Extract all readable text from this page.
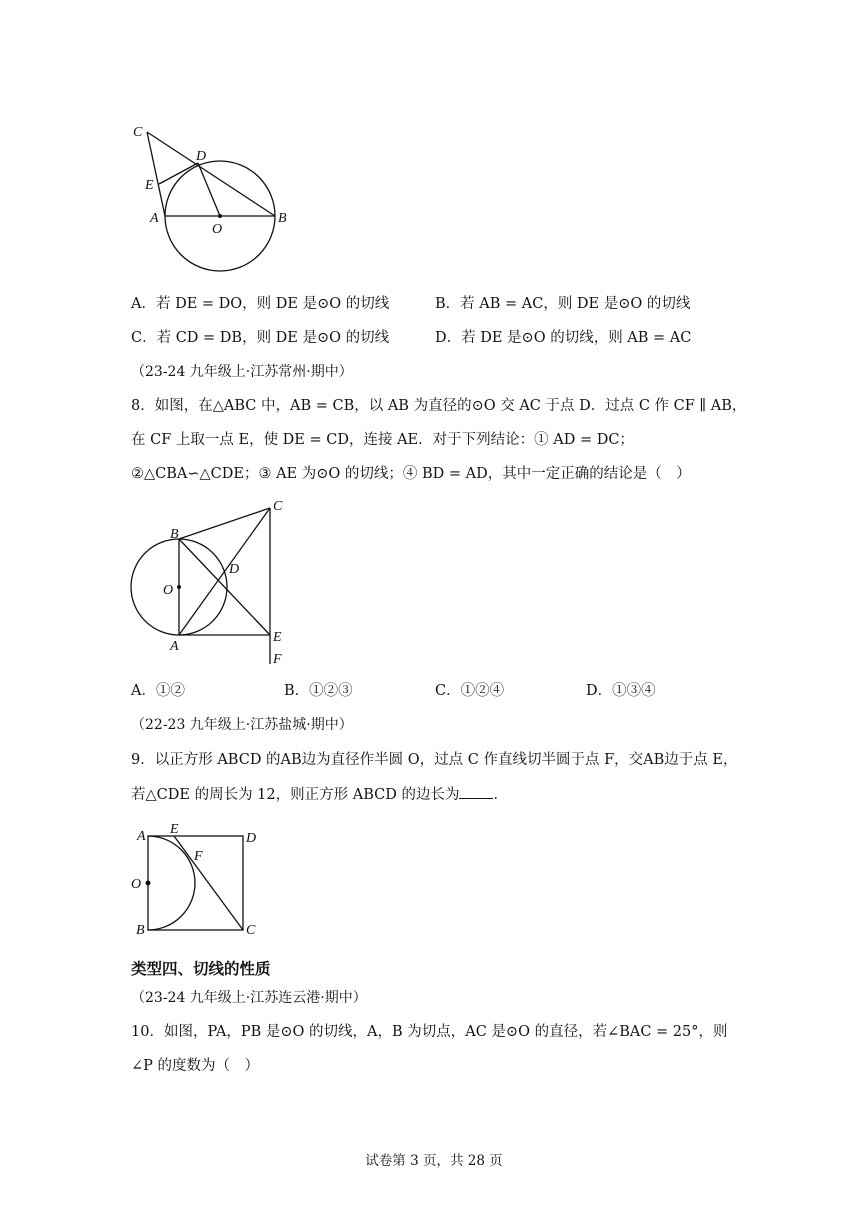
C
D
E
A
O
B
A．若 DE = DO，则 DE 是⊙O 的切线	B．若 AB = AC，则 DE 是⊙O 的切线
C．若 CD = DB，则 DE 是⊙O 的切线	D．若 DE 是⊙O 的切线，则 AB = AC
（23-24 九年级上·江苏常州·期中）
8．如图，在△ABC 中，AB = CB，以 AB 为直径的⊙O 交 AC 于点 D．过点 C 作 CF ∥ AB，
在 CF 上取一点 E，使 DE = CD，连接 AE．对于下列结论：① AD = DC；
②△CBA∽△CDE；③ AE 为⊙O 的切线；④ BD = AD，其中一定正确的结论是（　）
B
C
O
D
A
E
F
A．①②	B．①②③	C．①②④	D．①③④
（22-23 九年级上·江苏盐城·期中）
9．以正方形 ABCD 的AB边为直径作半圆 O，过点 C 作直线切半圆于点 F，交AB边于点 E，
若△CDE 的周长为 12，则正方形 ABCD 的边长为 ．
A E
D
F
O
B	C
类型四、切线的性质
（23-24 九年级上·江苏连云港·期中）
10．如图，PA，PB 是⊙O 的切线，A，B 为切点，AC 是⊙O 的直径，若∠BAC = 25°，则
∠P 的度数为（　）
试卷第 3 页，共 28 页
